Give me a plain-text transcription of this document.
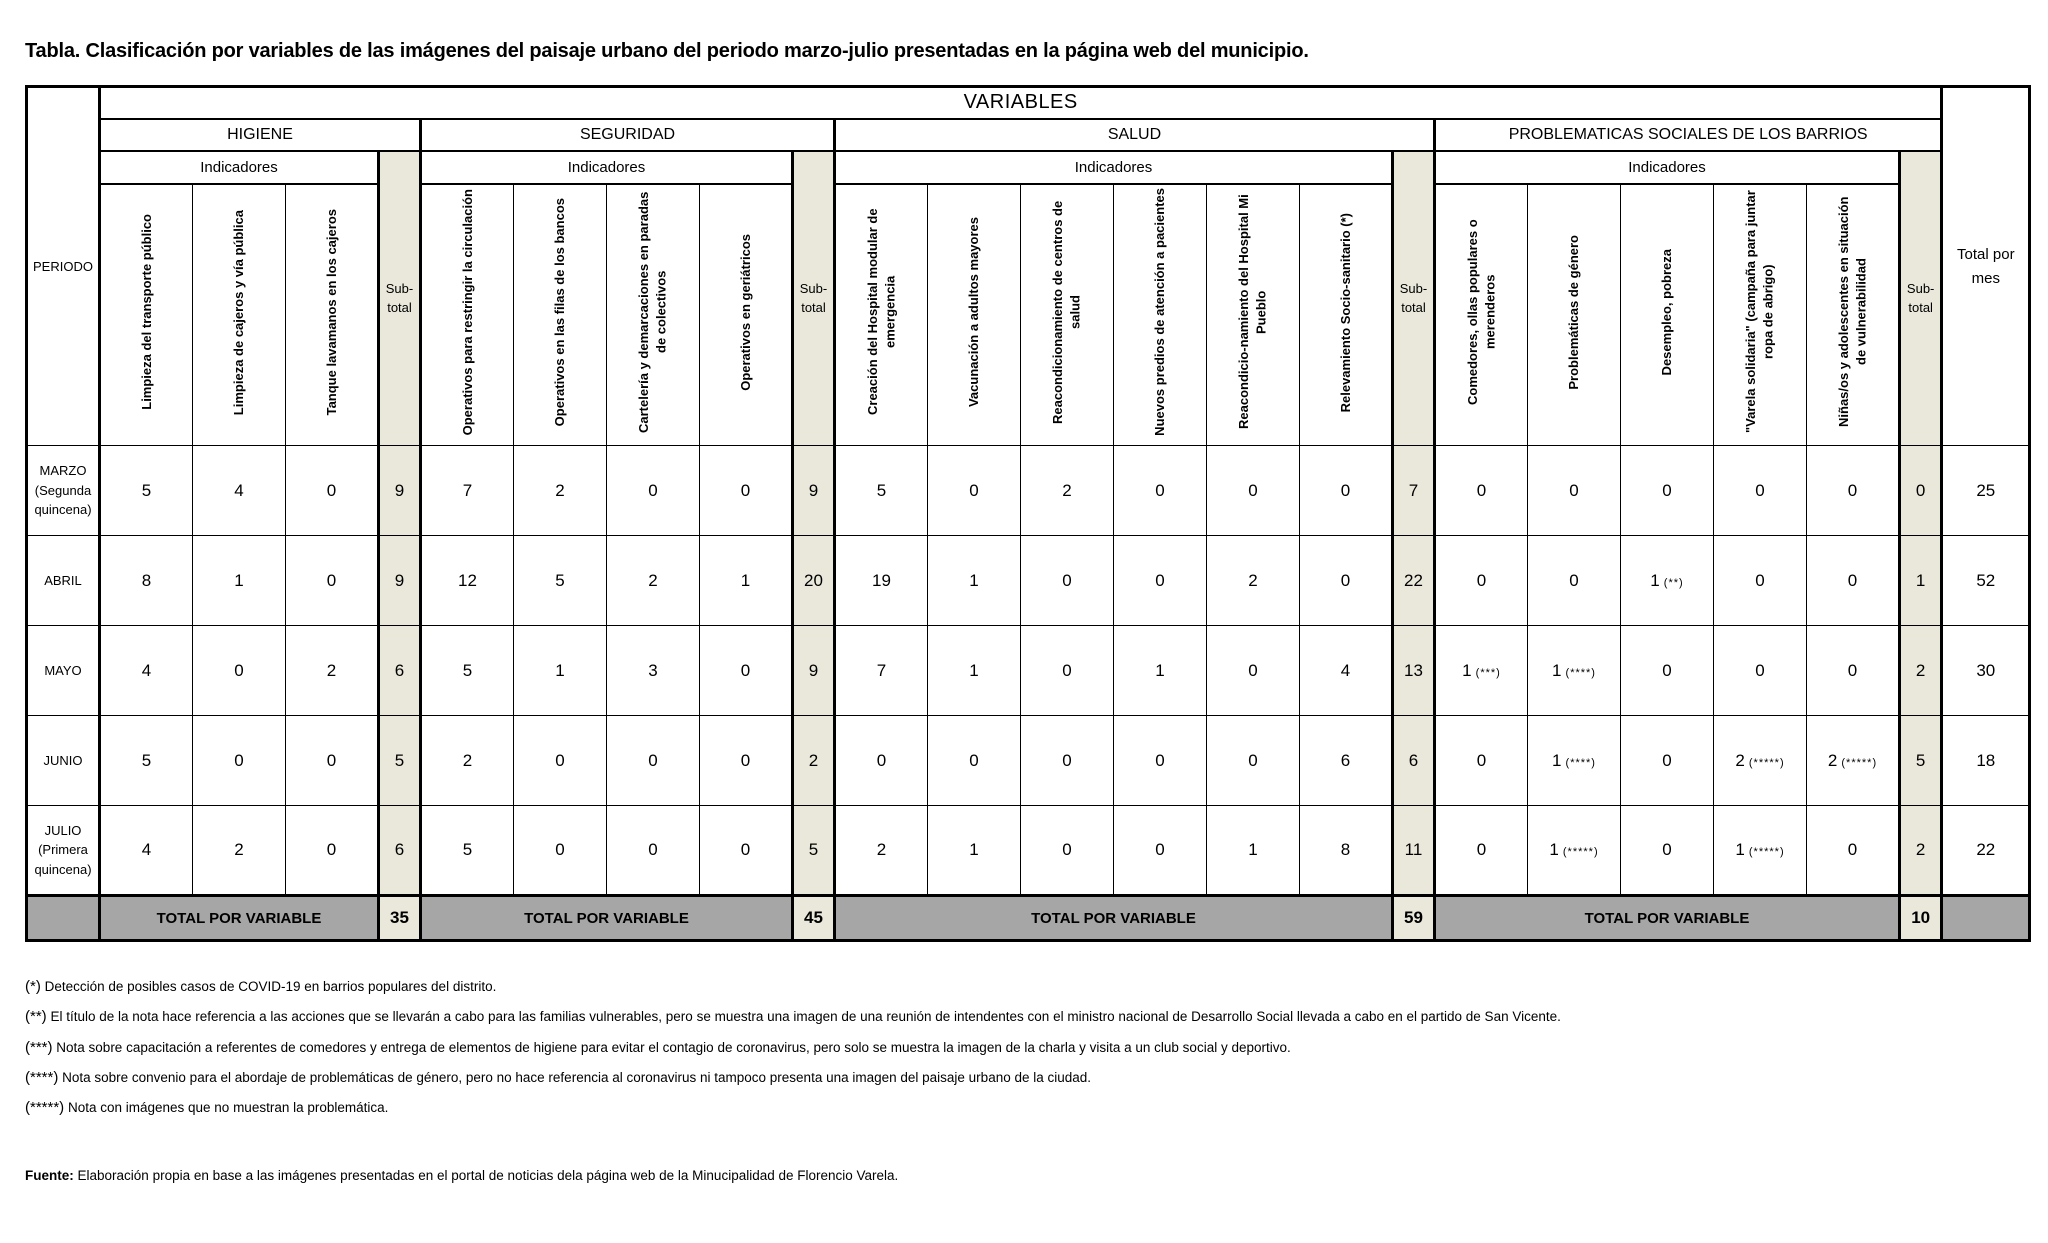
Tabla. Clasificación por variables de las imágenes del paisaje urbano del periodo marzo-julio presentadas en la página web del municipio.
PERIODO	VARIABLES																						Total por mes
	HIGIENE				SEGURIDAD					SALUD							PROBLEMATICAS SOCIALES DE LOS BARRIOS						
	Indicadores			Sub-total	Indicadores				Sub-total	Indicadores						Sub-total	Indicadores					Sub-total	
	Limpieza del transporte público	Limpieza de cajeros y vía pública	Tanque lavamanos en los cajeros		Operativos para restringir la circulación	Operativos en las filas de los bancos	Cartelería y demarcaciones en paradas de colectivos	Operativos en geriátricos		Creación del Hospital modular de emergencia	Vacunación a adultos mayores	Reacondicionamiento de centros de salud	Nuevos predios de atención a pacientes	Reacondicio-namiento del Hospital Mi Pueblo	Relevamiento Socio-sanitario (*)		Comedores, ollas populares o merenderos	Problemáticas de género	Desempleo, pobreza	"Varela solidaria" (campaña para juntar ropa de abrigo)	Niñas/os y adolescentes en situación de vulnerabilidad		
MARZO (Segunda quincena)	5	4	0	9	7	2	0	0	9	5	0	2	0	0	0	7	0	0	0	0	0	0	25
ABRIL	8	1	0	9	12	5	2	1	20	19	1	0	0	2	0	22	0	0	1 (**)	0	0	1	52
MAYO	4	0	2	6	5	1	3	0	9	7	1	0	1	0	4	13	1 (***)	1 (****)	0	0	0	2	30
JUNIO	5	0	0	5	2	0	0	0	2	0	0	0	0	0	6	6	0	1 (****)	0	2 (*****)	2 (*****)	5	18
JULIO (Primera quincena)	4	2	0	6	5	0	0	0	5	2	1	0	0	1	8	11	0	1 (*****)	0	1 (*****)	0	2	22
	TOTAL POR VARIABLE			35	TOTAL POR VARIABLE				45	TOTAL POR VARIABLE						59	TOTAL POR VARIABLE					10	

(*) Detección de posibles casos de COVID-19 en barrios populares del distrito.

(**) El título de la nota hace referencia a las acciones que se llevarán a cabo para las familias vulnerables, pero se muestra una imagen de una reunión de intendentes con el ministro nacional de Desarrollo Social llevada a cabo en el partido de San Vicente.

(***) Nota sobre capacitación a referentes de comedores y entrega de elementos de higiene para evitar el contagio de coronavirus, pero solo se muestra la imagen de la charla y visita a un club social y deportivo.

(****) Nota sobre convenio para el abordaje de problemáticas de género, pero no hace referencia al coronavirus ni tampoco presenta una imagen del paisaje urbano de la ciudad.

(*****) Nota con imágenes que no muestran la problemática.

Fuente: Elaboración propia en base a las imágenes presentadas en el portal de noticias dela página web de la Minucipalidad de Florencio Varela.
